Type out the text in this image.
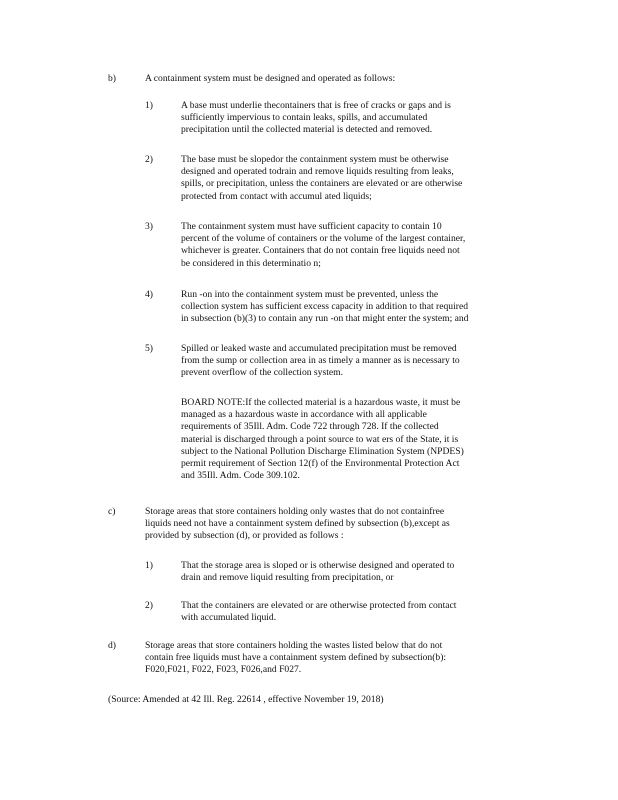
b)	A containment system must be designed and operated as follows:
1)	A base must underlie thecontainers that is free of cracks or gaps and is
sufficiently impervious to contain leaks, spills, and accumulated
precipitation until the collected material is detected and removed.
2)	The base must be slopedor the containment system must be otherwise
designed and operated todrain and remove liquids resulting from leaks,
spills, or precipitation, unless the containers are elevated or are otherwise
protected from contact with accumul ated liquids;
3)	The containment system must have sufficient capacity to contain 10
percent of the volume of containers or the volume of the largest container,
whichever is greater. Containers that do not contain free liquids need not
be considered in this determinatio n;
4)	Run -on into the containment system must be prevented, unless the
collection system has sufficient excess capacity in addition to that required
in subsection (b)(3) to contain any run -on that might enter the system; and
5)	Spilled or leaked waste and accumulated precipitation must be removed
from the sump or collection area in as timely a manner as is necessary to
prevent overflow of the collection system.
BOARD NOTE:If the collected material is a hazardous waste, it must be
managed as a hazardous waste in accordance with all applicable
requirements of 35Ill. Adm. Code 722 through 728. If the collected
material is discharged through a point source to wat ers of the State, it is
subject to the National Pollution Discharge Elimination System (NPDES)
permit requirement of Section 12(f) of the Environmental Protection Act
and 35Ill. Adm. Code 309.102.
c)	Storage areas that store containers holding only wastes that do not containfree
liquids need not have a containment system defined by subsection (b),except as
provided by subsection (d), or provided as follows :
1)	That the storage area is sloped or is otherwise designed and operated to
drain and remove liquid resulting from precipitation, or
2)	That the containers are elevated or are otherwise protected from contact
with accumulated liquid.
d)	Storage areas that store containers holding the wastes listed below that do not
contain free liquids must have a containment system defined by subsection(b):
F020,F021, F022, F023, F026,and F027.
(Source: Amended at 42 Ill. Reg. 22614 , effective November 19, 2018)
